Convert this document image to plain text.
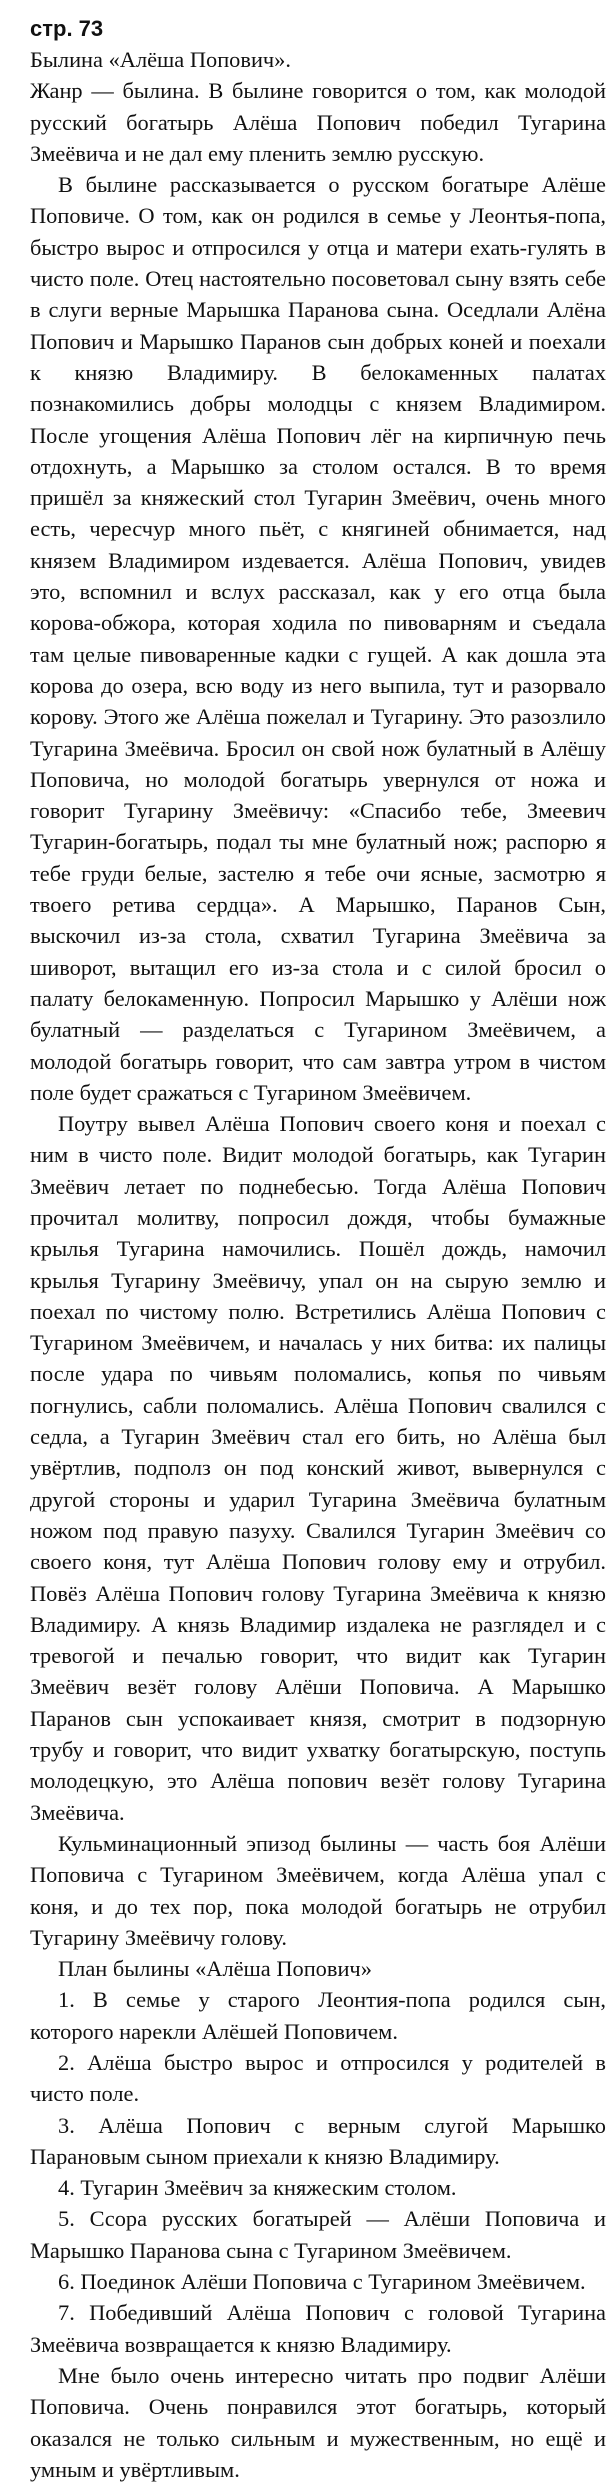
стр. 73

Былина «Алёша Попович».

Жанр — былина. В былине говорится о том, как молодой русский богатырь Алёша Попович победил Тугарина Змеёвича и не дал ему пленить землю русскую.

В былине рассказывается о русском богатыре Алёше Поповиче. О том, как он родился в семье у Леонтья-попа, быстро вырос и отпросился у отца и матери ехать-гулять в чисто поле. Отец настоятельно посоветовал сыну взять себе в слуги верные Марышка Паранова сына. Оседлали Алёна Попович и Марышко Паранов сын добрых коней и поехали к князю Владимиру. В белокаменных палатах познакомились добры молодцы с князем Владимиром. После угощения Алёша Попович лёг на кирпичную печь отдохнуть, а Марышко за столом остался. В то время пришёл за княжеский стол Тугарин Змеёвич, очень много есть, чересчур много пьёт, с княгиней обнимается, над князем Владимиром издевается. Алёша Попович, увидев это, вспомнил и вслух рассказал, как у его отца была корова-обжора, которая ходила по пивоварням и съедала там целые пивоваренные кадки с гущей. А как дошла эта корова до озера, всю воду из него выпила, тут и разорвало корову. Этого же Алёша пожелал и Тугарину. Это разозлило Тугарина Змеёвича. Бросил он свой нож булатный в Алёшу Поповича, но молодой богатырь увернулся от ножа и говорит Тугарину Змеёвичу: «Спасибо тебе, Змеевич Тугарин-богатырь, подал ты мне булатный нож; распорю я тебе груди белые, застелю я тебе очи ясные, засмотрю я твоего ретива сердца». А Марышко, Паранов Сын, выскочил из-за стола, схватил Тугарина Змеёвича за шиворот, вытащил его из-за стола и с силой бросил о палату белокаменную. Попросил Марышко у Алёши нож булатный — разделаться с Тугарином Змеёвичем, а молодой богатырь говорит, что сам завтра утром в чистом поле будет сражаться с Тугарином Змеёвичем.

Поутру вывел Алёша Попович своего коня и поехал с ним в чисто поле. Видит молодой богатырь, как Тугарин Змеёвич летает по поднебесью. Тогда Алёша Попович прочитал молитву, попросил дождя, чтобы бумажные крылья Тугарина намочились. Пошёл дождь, намочил крылья Тугарину Змеёвичу, упал он на сырую землю и поехал по чистому полю. Встретились Алёша Попович с Тугарином Змеёвичем, и началась у них битва: их палицы после удара по чивьям поломались, копья по чивьям погнулись, сабли поломались. Алёша Попович свалился с седла, а Тугарин Змеёвич стал его бить, но Алёша был увёртлив, подполз он под конский живот, вывернулся с другой стороны и ударил Тугарина Змеёвича булатным ножом под правую пазуху. Свалился Тугарин Змеёвич со своего коня, тут Алёша Попович голову ему и отрубил. Повёз Алёша Попович голову Тугарина Змеёвича к князю Владимиру. А князь Владимир издалека не разглядел и с тревогой и печалью говорит, что видит как Тугарин Змеёвич везёт голову Алёши Поповича. А Марышко Паранов сын успокаивает князя, смотрит в подзорную трубу и говорит, что видит ухватку богатырскую, поступь молодецкую, это Алёша попович везёт голову Тугарина Змеёвича.

Кульминационный эпизод былины — часть боя Алёши Поповича с Тугарином Змеёвичем, когда Алёша упал с коня, и до тех пор, пока молодой богатырь не отрубил Тугарину Змеёвичу голову.

План былины «Алёша Попович»

1. В семье у старого Леонтия-попа родился сын, которого нарекли Алёшей Поповичем.

2. Алёша быстро вырос и отпросился у родителей в чисто поле.

3. Алёша Попович с верным слугой Марышко Парановым сыном приехали к князю Владимиру.

4. Тугарин Змеёвич за княжеским столом.

5. Ссора русских богатырей — Алёши Поповича и Марышко Паранова сына с Тугарином Змеёвичем.

6. Поединок Алёши Поповича с Тугарином Змеёвичем.

7. Победивший Алёша Попович с головой Тугарина Змеёвича возвращается к князю Владимиру.

Мне было очень интересно читать про подвиг Алёши Поповича. Очень понравился этот богатырь, который оказался не только сильным и мужественным, но ещё и умным и увёртливым.
